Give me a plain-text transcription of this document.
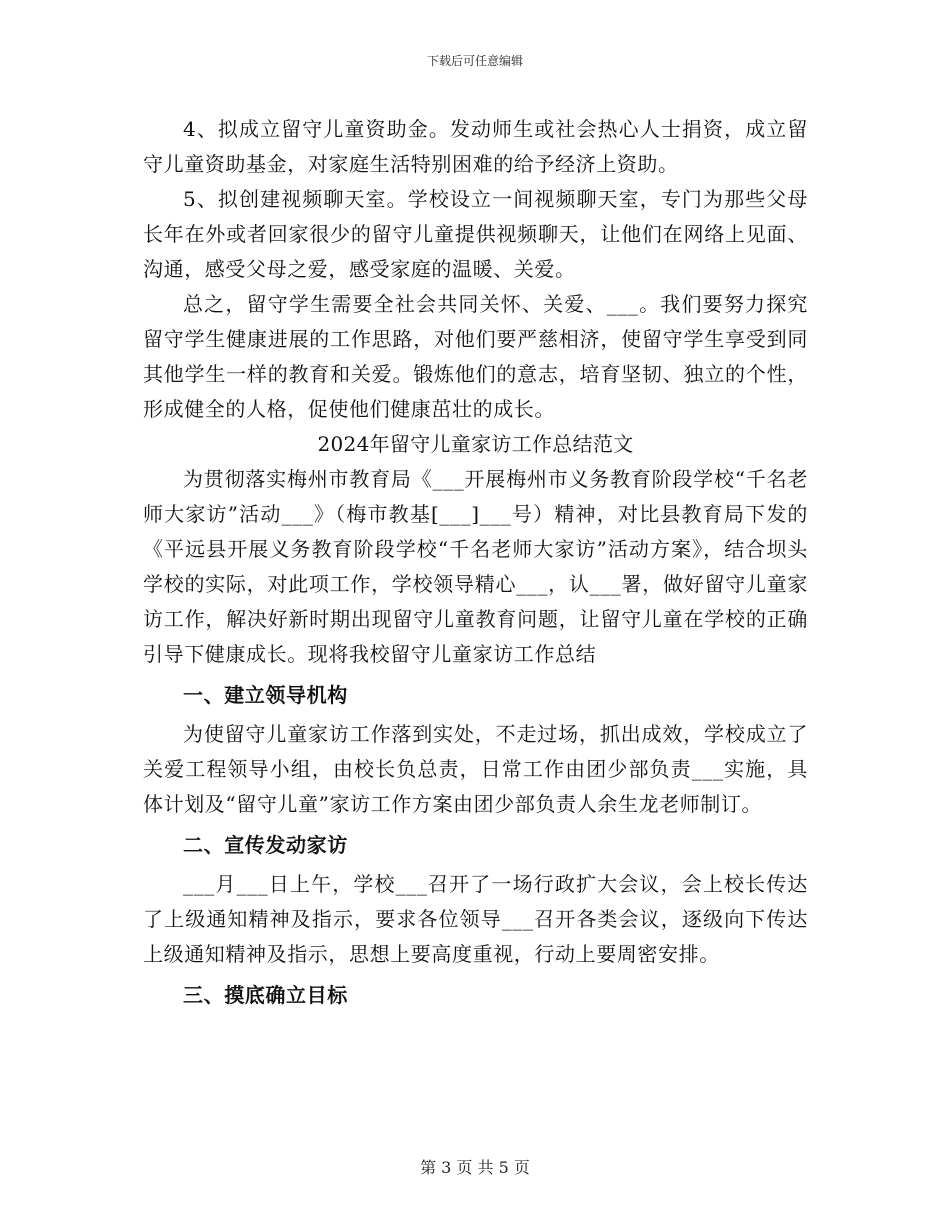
下载后可任意编辑

4、拟成立留守儿童资助金。发动师生或社会热心人士捐资，成立留守儿童资助基金，对家庭生活特别困难的给予经济上资助。

5、拟创建视频聊天室。学校设立一间视频聊天室，专门为那些父母长年在外或者回家很少的留守儿童提供视频聊天，让他们在网络上见面、沟通，感受父母之爱，感受家庭的温暖、关爱。

总之，留守学生需要全社会共同关怀、关爱、___。我们要努力探究留守学生健康进展的工作思路，对他们要严慈相济，使留守学生享受到同其他学生一样的教育和关爱。锻炼他们的意志，培育坚韧、独立的个性，形成健全的人格，促使他们健康茁壮的成长。

2024年留守儿童家访工作总结范文

为贯彻落实梅州市教育局《___开展梅州市义务教育阶段学校“千名老师大家访”活动___》（梅市教基[___]___号）精神，对比县教育局下发的《平远县开展义务教育阶段学校“千名老师大家访”活动方案》，结合坝头学校的实际，对此项工作，学校领导精心___，认___署，做好留守儿童家访工作，解决好新时期出现留守儿童教育问题，让留守儿童在学校的正确引导下健康成长。现将我校留守儿童家访工作总结

一、建立领导机构

为使留守儿童家访工作落到实处，不走过场，抓出成效，学校成立了关爱工程领导小组，由校长负总责，日常工作由团少部负责___实施，具体计划及“留守儿童”家访工作方案由团少部负责人余生龙老师制订。

二、宣传发动家访

___月___日上午，学校___召开了一场行政扩大会议，会上校长传达了上级通知精神及指示，要求各位领导___召开各类会议，逐级向下传达上级通知精神及指示，思想上要高度重视，行动上要周密安排。

三、摸底确立目标

第 3 页 共 5 页
